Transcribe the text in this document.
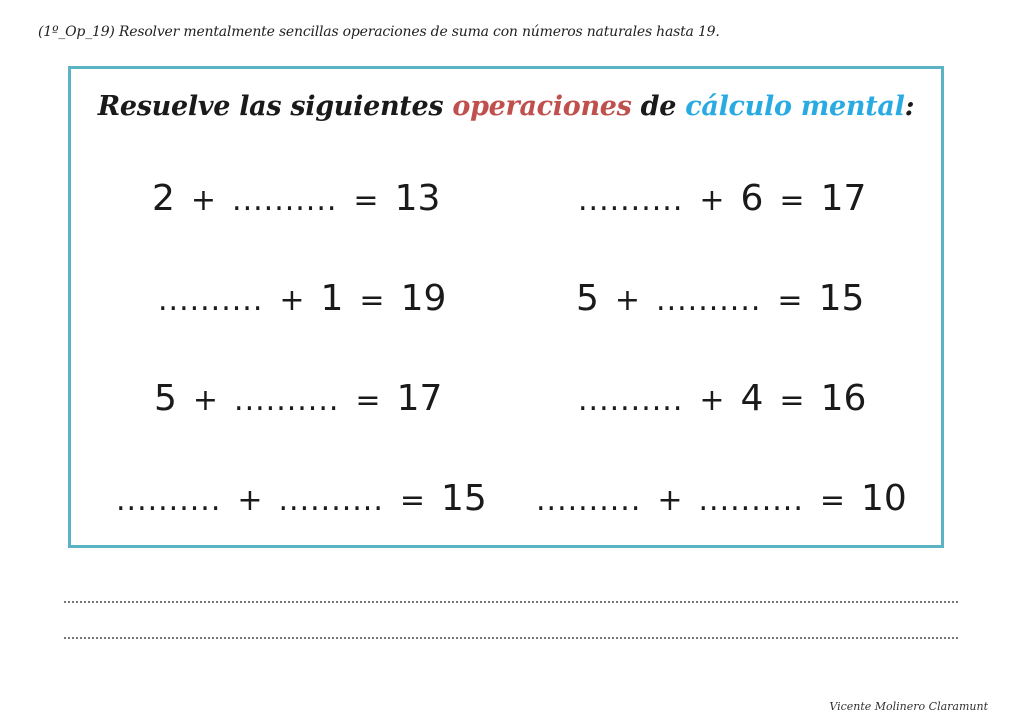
(1º_Op_19) Resolver mentalmente sencillas operaciones de suma con números naturales hasta 19.
Resuelve las siguientes operaciones de cálculo mental:
2 + .......... = 13	.......... + 6 = 17
.......... + 1 = 19	5 + .......... = 15
5 + .......... = 17	.......... + 4 = 16
.......... + .......... = 15 .......... + .......... = 10
Vicente Molinero Claramunt
